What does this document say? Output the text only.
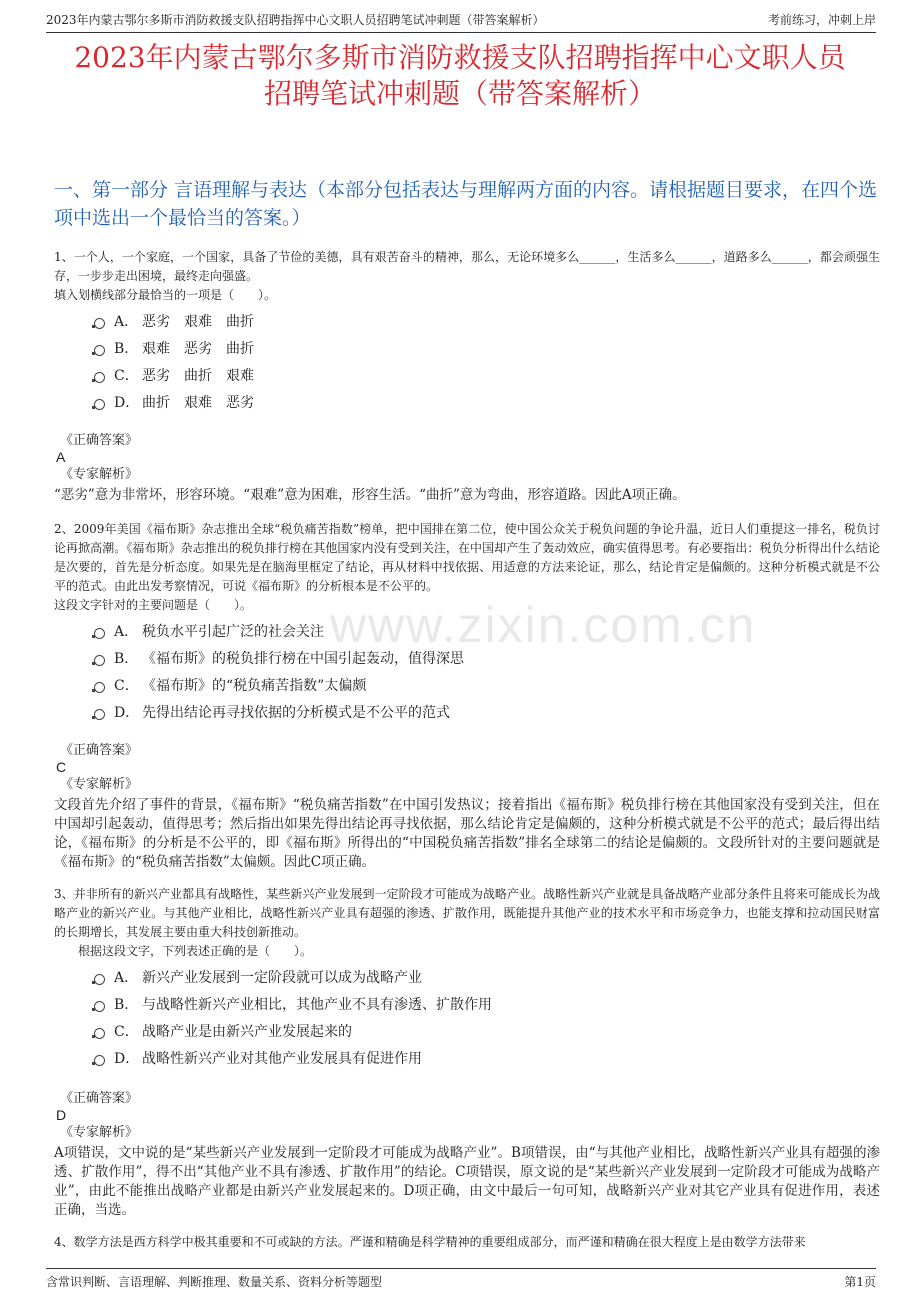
2023年内蒙古鄂尔多斯市消防救援支队招聘指挥中心文职人员招聘笔试冲刺题（带答案解析）	考前练习，冲刺上岸
2023年内蒙古鄂尔多斯市消防救援支队招聘指挥中心文职人员
招聘笔试冲刺题（带答案解析）
一、第一部分 言语理解与表达（本部分包括表达与理解两方面的内容。请根据题目要求，在四个选项中选出一个最恰当的答案。）
www.zixin.com.cn

1、一个人，一个家庭，一个国家，具备了节俭的美德，具有艰苦奋斗的精神，那么，无论环境多么______，生活多么______，道路多么______，都会顽强生存，一步步走出困境，最终走向强盛。

填入划横线部分最恰当的一项是（　　）。

A． 恶劣　艰难　曲折
B． 艰难　恶劣　曲折
C． 恶劣　曲折　艰难
D． 曲折　艰难　恶劣
《正确答案》
A
《专家解析》
“恶劣”意为非常坏，形容环境。“艰难”意为困难，形容生活。“曲折”意为弯曲，形容道路。因此A项正确。

2、2009年美国《福布斯》杂志推出全球“税负痛苦指数”榜单，把中国排在第二位，使中国公众关于税负问题的争论升温，近日人们重提这一排名，税负讨论再掀高潮。《福布斯》杂志推出的税负排行榜在其他国家内没有受到关注，在中国却产生了轰动效应，确实值得思考。有必要指出：税负分析得出什么结论是次要的，首先是分析态度。如果先是在脑海里框定了结论，再从材料中找依据、用适意的方法来论证，那么，结论肯定是偏颇的。这种分析模式就是不公平的范式。由此出发考察情况，可说《福布斯》的分析根本是不公平的。

这段文字针对的主要问题是（　　）。

A． 税负水平引起广泛的社会关注
B． 《福布斯》的税负排行榜在中国引起轰动，值得深思
C． 《福布斯》的“税负痛苦指数”太偏颇
D． 先得出结论再寻找依据的分析模式是不公平的范式
《正确答案》
C
《专家解析》
文段首先介绍了事件的背景，《福布斯》“税负痛苦指数”在中国引发热议；接着指出《福布斯》税负排行榜在其他国家没有受到关注，但在中国却引起轰动，值得思考；然后指出如果先得出结论再寻找依据，那么结论肯定是偏颇的，这种分析模式就是不公平的范式；最后得出结论，《福布斯》的分析是不公平的，即《福布斯》所得出的“中国税负痛苦指数”排名全球第二的结论是偏颇的。文段所针对的主要问题就是《福布斯》的“税负痛苦指数”太偏颇。因此C项正确。

3、并非所有的新兴产业都具有战略性，某些新兴产业发展到一定阶段才可能成为战略产业。战略性新兴产业就是具备战略产业部分条件且将来可能成长为战略产业的新兴产业。与其他产业相比，战略性新兴产业具有超强的渗透、扩散作用，既能提升其他产业的技术水平和市场竞争力，也能支撑和拉动国民财富的长期增长，其发展主要由重大科技创新推动。

根据这段文字，下列表述正确的是（　　）。

A． 新兴产业发展到一定阶段就可以成为战略产业
B． 与战略性新兴产业相比，其他产业不具有渗透、扩散作用
C． 战略产业是由新兴产业发展起来的
D． 战略性新兴产业对其他产业发展具有促进作用
《正确答案》
D
《专家解析》
A项错误，文中说的是“某些新兴产业发展到一定阶段才可能成为战略产业”。B项错误，由“与其他产业相比，战略性新兴产业具有超强的渗透、扩散作用”，得不出“其他产业不具有渗透、扩散作用”的结论。C项错误，原文说的是“某些新兴产业发展到一定阶段才可能成为战略产业”，由此不能推出战略产业都是由新兴产业发展起来的。D项正确，由文中最后一句可知，战略新兴产业对其它产业具有促进作用，表述正确，当选。
4、数学方法是西方科学中极其重要和不可或缺的方法。严谨和精确是科学精神的重要组成部分，而严谨和精确在很大程度上是由数学方法带来
含常识判断、言语理解、判断推理、数量关系、资料分析等题型	第1页
